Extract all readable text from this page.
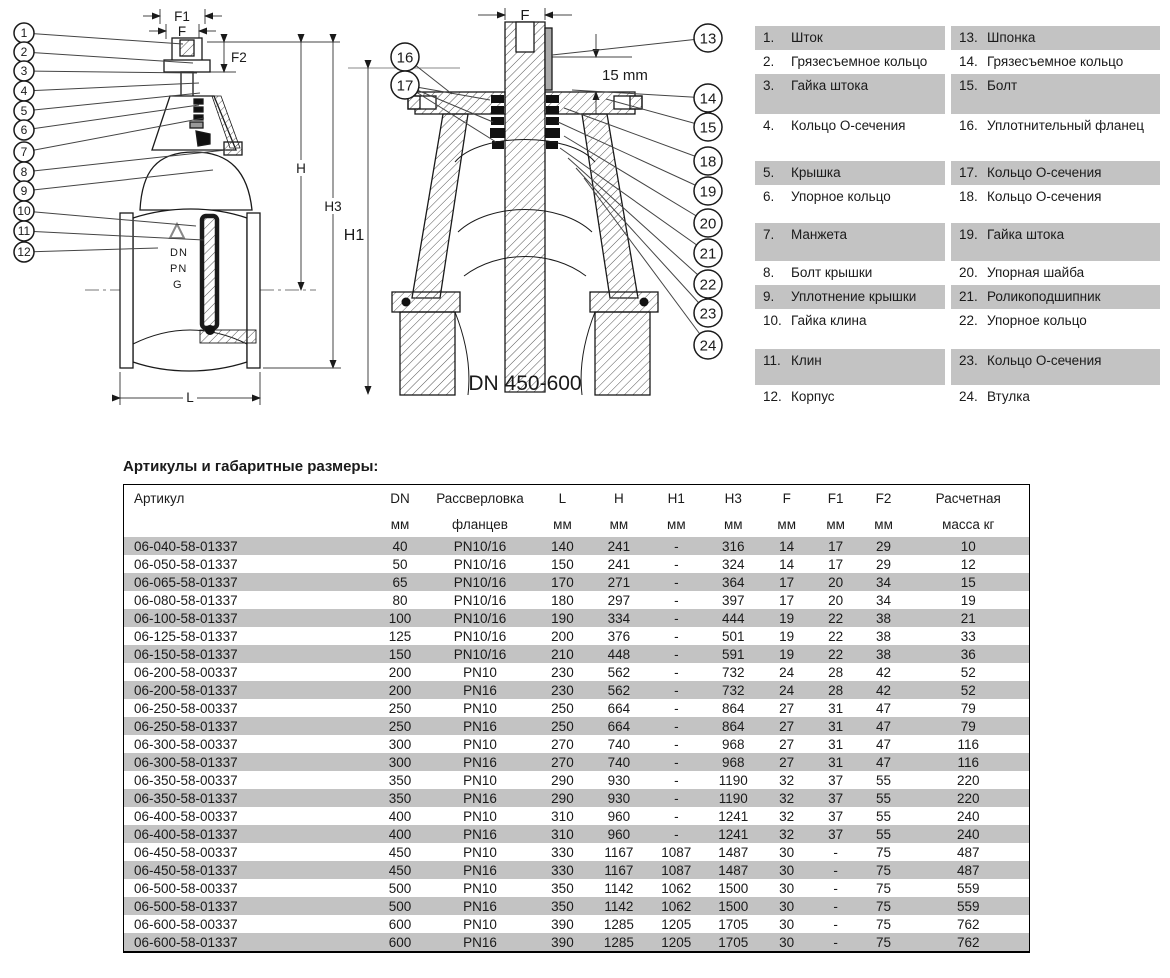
DN
PN
G
F1
F
F2
H
H3
L
1
2
3
4
5
6
7
8
9
10
11
12
F
15 mm
H1
DN 450-600
13
16
17
14
15
18
19
20
21
22
23
24
1.	Шток	13. Шпонка
2.	Грязесъемное кольцо	14. Грязесъемное кольцо
3.	Гайка штока	15. Болт
4.	Кольцо О-сечения	16. Уплотнительный фланец
5.	Крышка	17. Кольцо О-сечения
6.	Упорное кольцо	18. Кольцо О-сечения
7.	Манжета	19. Гайка штока
8.	Болт крышки	20. Упорная шайба
9.	Уплотнение крышки	21. Роликоподшипник
10. Гайка клина	22. Упорное кольцо
11. Клин	23. Кольцо О-сечения
12. Корпус	24. Втулка

Артикулы и габаритные размеры:

Артикул	DN	Рассверловка	L	H	H1	H3	F	F1	F2	Расчетная
	мм	фланцев	мм	мм	мм	мм	мм	мм	мм	масса кг
06-040-58-01337	40	PN10/16	140	241	-	316	14	17	29	10
06-050-58-01337	50	PN10/16	150	241	-	324	14	17	29	12
06-065-58-01337	65	PN10/16	170	271	-	364	17	20	34	15
06-080-58-01337	80	PN10/16	180	297	-	397	17	20	34	19
06-100-58-01337	100	PN10/16	190	334	-	444	19	22	38	21
06-125-58-01337	125	PN10/16	200	376	-	501	19	22	38	33
06-150-58-01337	150	PN10/16	210	448	-	591	19	22	38	36
06-200-58-00337	200	PN10	230	562	-	732	24	28	42	52
06-200-58-01337	200	PN16	230	562	-	732	24	28	42	52
06-250-58-00337	250	PN10	250	664	-	864	27	31	47	79
06-250-58-01337	250	PN16	250	664	-	864	27	31	47	79
06-300-58-00337	300	PN10	270	740	-	968	27	31	47	116
06-300-58-01337	300	PN16	270	740	-	968	27	31	47	116
06-350-58-00337	350	PN10	290	930	-	1190	32	37	55	220
06-350-58-01337	350	PN16	290	930	-	1190	32	37	55	220
06-400-58-00337	400	PN10	310	960	-	1241	32	37	55	240
06-400-58-01337	400	PN16	310	960	-	1241	32	37	55	240
06-450-58-00337	450	PN10	330	1167	1087	1487	30	-	75	487
06-450-58-01337	450	PN16	330	1167	1087	1487	30	-	75	487
06-500-58-00337	500	PN10	350	1142	1062	1500	30	-	75	559
06-500-58-01337	500	PN16	350	1142	1062	1500	30	-	75	559
06-600-58-00337	600	PN10	390	1285	1205	1705	30	-	75	762
06-600-58-01337	600	PN16	390	1285	1205	1705	30	-	75	762
